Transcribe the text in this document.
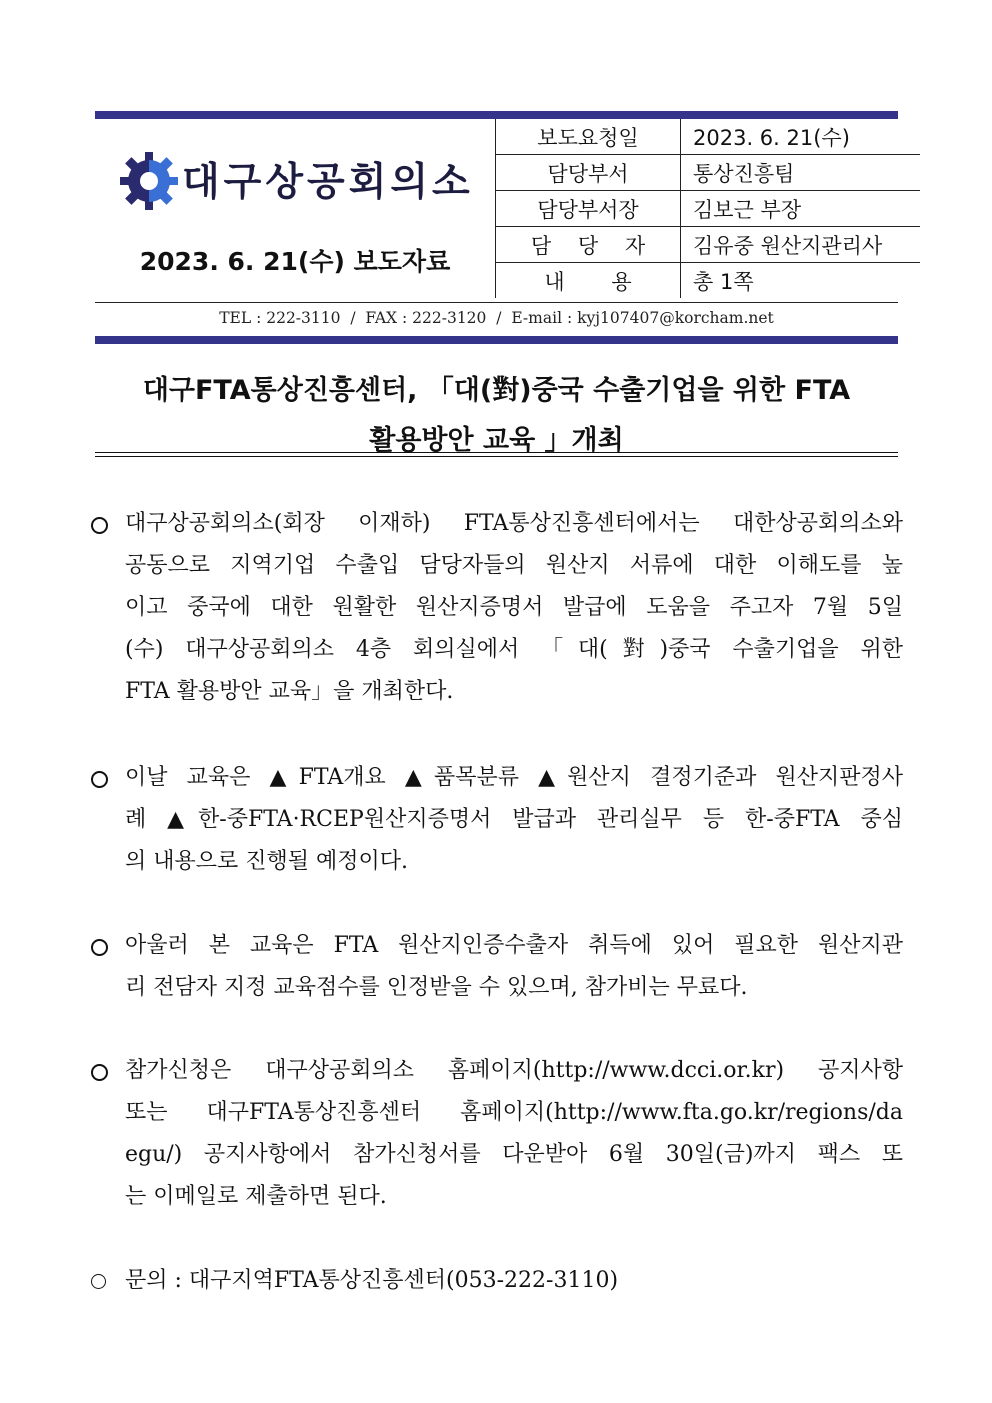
대구상공회의소
2023. 6. 21(수) 보도자료
보도요청일	2023. 6. 21(수)
담당부서	통상진흥팀
담당부서장	김보근 부장
담 당 자	김유중 원산지관리사
내 용	총 1쪽
TEL : 222-3110  /  FAX : 222-3120  /  E-mail : kyj107407@korcham.net
대구FTA통상진흥센터, 「대(對)중국 수출기업을 위한 FTA
활용방안 교육 」개최
대구상공회의소(회장 이재하) FTA통상진흥센터에서는 대한상공회의소와
공동으로 지역기업 수출입 담당자들의 원산지 서류에 대한 이해도를 높
이고 중국에 대한 원활한 원산지증명서 발급에 도움을 주고자 7월 5일
(수) 대구상공회의소 4층 회의실에서 「대(對)중국 수출기업을 위한
FTA 활용방안 교육」을 개최한다.
이날 교육은 ▲FTA개요 ▲품목분류 ▲원산지 결정기준과 원산지판정사
례 ▲한-중FTA·RCEP원산지증명서 발급과 관리실무 등 한-중FTA 중심
의 내용으로 진행될 예정이다.
아울러 본 교육은 FTA 원산지인증수출자 취득에 있어 필요한 원산지관
리 전담자 지정 교육점수를 인정받을 수 있으며, 참가비는 무료다.
참가신청은 대구상공회의소 홈페이지(http://www.dcci.or.kr) 공지사항
또는 대구FTA통상진흥센터 홈페이지(http://www.fta.go.kr/regions/da
egu/) 공지사항에서 참가신청서를 다운받아 6월 30일(금)까지 팩스 또
는 이메일로 제출하면 된다.
문의 : 대구지역FTA통상진흥센터(053-222-3110)
